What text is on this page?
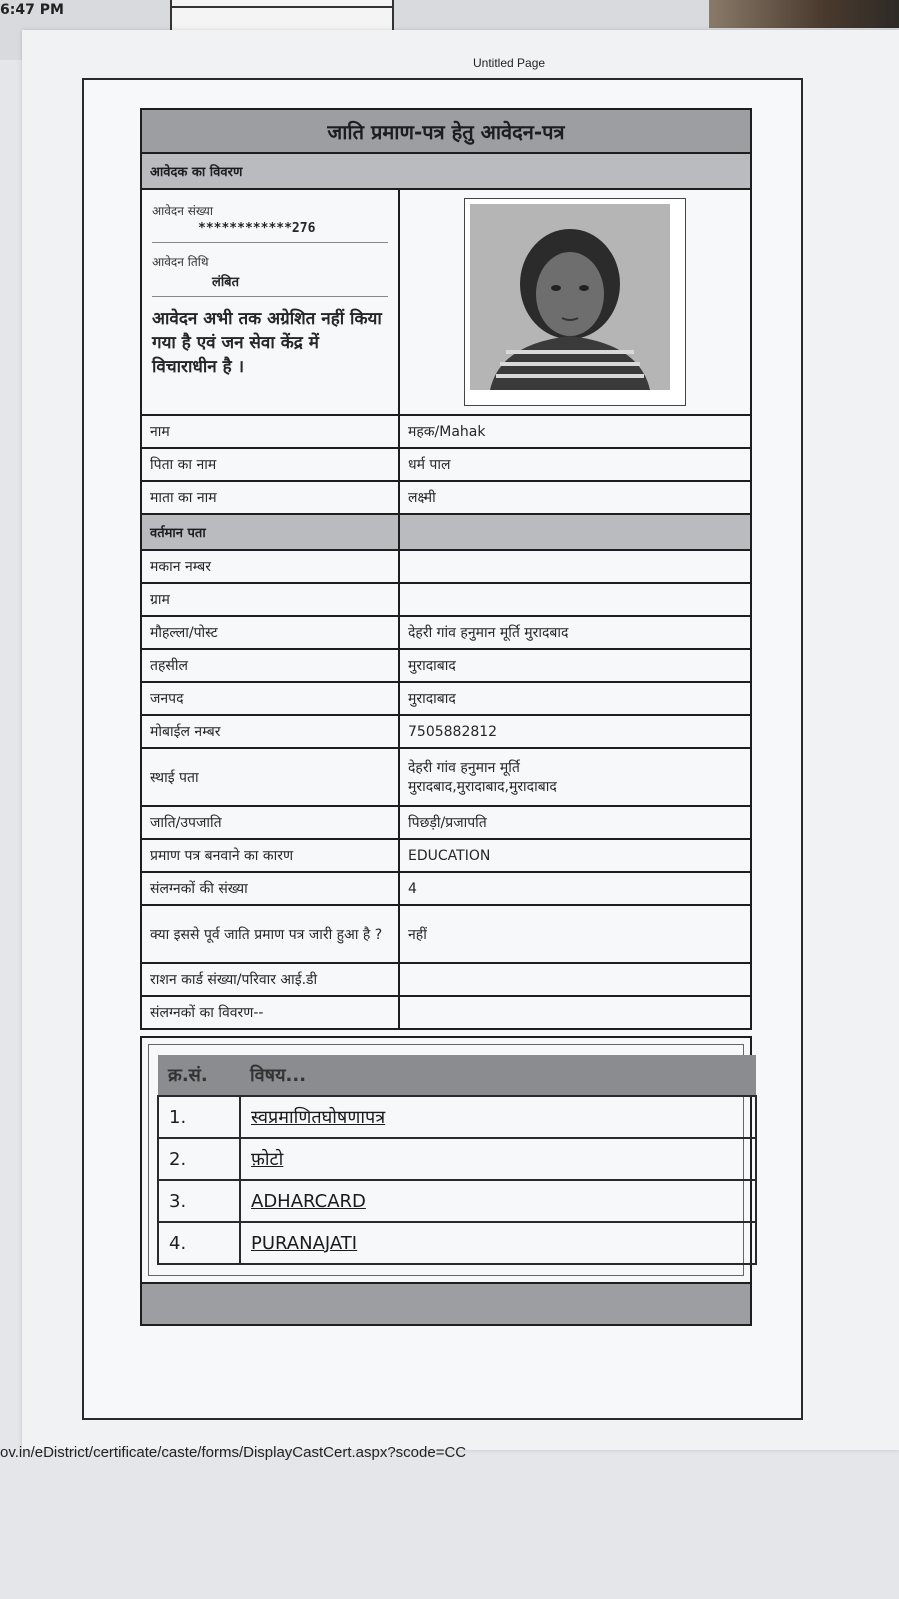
6:47 PM
Untitled Page
जाति प्रमाण-पत्र हेतु आवेदन-पत्र	
आवेदक का विवरण	

आवेदन संख्या
************276
आवेदन तिथि
लंबित
आवेदन अभी तक अग्रेशित नहीं किया गया है एवं जन सेवा केंद्र में विचाराधीन है ।

नाम	महक/Mahak
पिता का नाम	धर्म पाल
माता का नाम	लक्ष्मी
वर्तमान पता	
मकान नम्बर	
ग्राम	
मौहल्ला/पोस्ट	देहरी गांव हनुमान मूर्ति मुरादबाद
तहसील	मुरादाबाद
जनपद	मुरादाबाद
मोबाईल नम्बर	7505882812
स्थाई पता	देहरी गांव हनुमान मूर्ति
मुरादबाद,मुरादाबाद,मुरादाबाद

जाति/उपजाति	पिछड़ी/प्रजापति
प्रमाण पत्र बनवाने का कारण	EDUCATION
संलग्नकों की संख्या	4
क्या इससे पूर्व जाति प्रमाण पत्र जारी हुआ है ?	नहीं
राशन कार्ड संख्या/परिवार आई.डी	
संलग्नकों का विवरण--	
क्र.सं.	विषय...
1.	स्वप्रमाणितघोषणापत्र
2.	फ़ोटो
3.	ADHARCARD
4.	PURANAJATI
ov.in/eDistrict/certificate/caste/forms/DisplayCastCert.aspx?scode=CC
